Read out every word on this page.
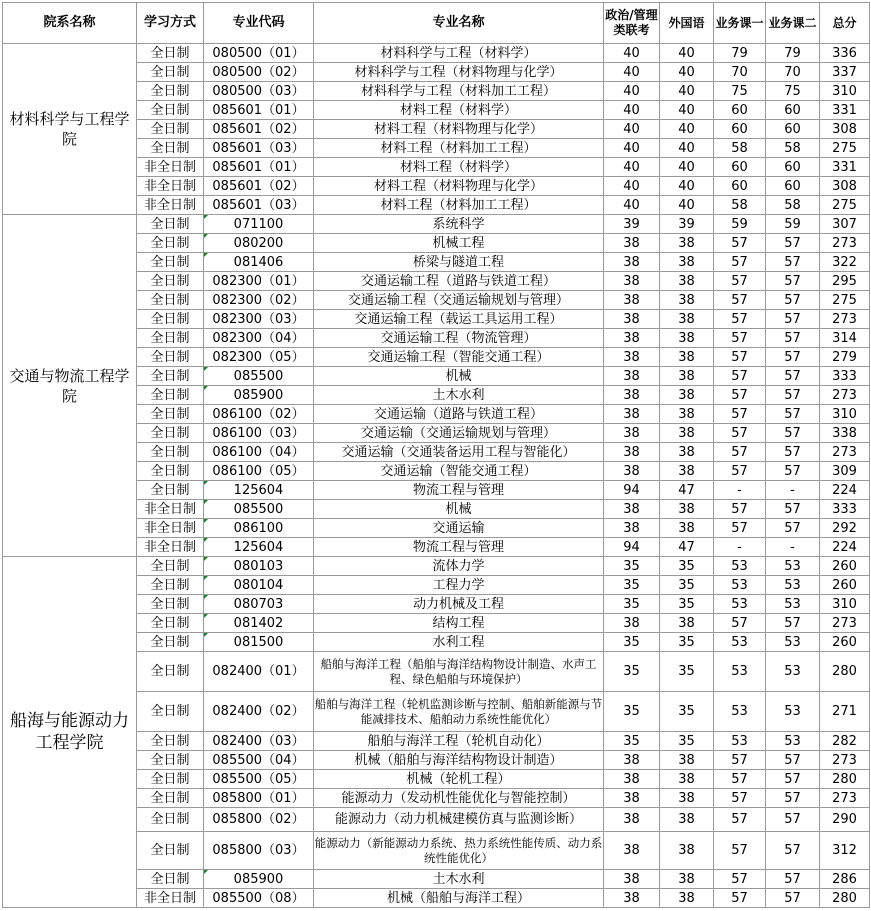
院系名称	学习方式	专业代码	专业名称	政治/管理类联考	外国语	业务课一	业务课二	总分
材料科学与工程学院	全日制	080500（01）	材料科学与工程（材料学）	40	40	79	79	336
	全日制	080500（02）	材料科学与工程（材料物理与化学）	40	40	70	70	337
	全日制	080500（03）	材料科学与工程（材料加工工程）	40	40	75	75	310
	全日制	085601（01）	材料工程（材料学）	40	40	60	60	331
	全日制	085601（02）	材料工程（材料物理与化学）	40	40	60	60	308
	全日制	085601（03）	材料工程（材料加工工程）	40	40	58	58	275
	非全日制	085601（01）	材料工程（材料学）	40	40	60	60	331
	非全日制	085601（02）	材料工程（材料物理与化学）	40	40	60	60	308
	非全日制	085601（03）	材料工程（材料加工工程）	40	40	58	58	275
交通与物流工程学院	全日制	071100	系统科学	39	39	59	59	307
	全日制	080200	机械工程	38	38	57	57	273
	全日制	081406	桥梁与隧道工程	38	38	57	57	322
	全日制	082300（01）	交通运输工程（道路与铁道工程）	38	38	57	57	295
	全日制	082300（02）	交通运输工程（交通运输规划与管理）	38	38	57	57	275
	全日制	082300（03）	交通运输工程（载运工具运用工程）	38	38	57	57	273
	全日制	082300（04）	交通运输工程（物流管理）	38	38	57	57	314
	全日制	082300（05）	交通运输工程（智能交通工程）	38	38	57	57	279
	全日制	085500	机械	38	38	57	57	333
	全日制	085900	土木水利	38	38	57	57	273
	全日制	086100（02）	交通运输（道路与铁道工程）	38	38	57	57	310
	全日制	086100（03）	交通运输（交通运输规划与管理）	38	38	57	57	338
	全日制	086100（04）	交通运输（交通装备运用工程与智能化）	38	38	57	57	273
	全日制	086100（05）	交通运输（智能交通工程）	38	38	57	57	309
	全日制	125604	物流工程与管理	94	47	-	-	224
	非全日制	085500	机械	38	38	57	57	333
	非全日制	086100	交通运输	38	38	57	57	292
	非全日制	125604	物流工程与管理	94	47	-	-	224
船海与能源动力工程学院	全日制	080103	流体力学	35	35	53	53	260
	全日制	080104	工程力学	35	35	53	53	260
	全日制	080703	动力机械及工程	35	35	53	53	310
	全日制	081402	结构工程	38	38	57	57	273
	全日制	081500	水利工程	35	35	53	53	260
	全日制	082400（01）	船舶与海洋工程（船舶与海洋结构物设计制造、水声工程、绿色船舶与环境保护）	35	35	53	53	280
	全日制	082400（02）	船舶与海洋工程（轮机监测诊断与控制、船舶新能源与节能减排技术、船舶动力系统性能优化）	35	35	53	53	271
	全日制	082400（03）	船舶与海洋工程（轮机自动化）	35	35	53	53	282
	全日制	085500（04）	机械（船舶与海洋结构物设计制造）	38	38	57	57	273
	全日制	085500（05）	机械（轮机工程）	38	38	57	57	280
	全日制	085800（01）	能源动力（发动机性能优化与智能控制）	38	38	57	57	273
	全日制	085800（02）	能源动力（动力机械建模仿真与监测诊断）	38	38	57	57	290
	全日制	085800（03）	能源动力（新能源动力系统、热力系统性能传质、动力系统性能优化）	38	38	57	57	312
	全日制	085900	土木水利	38	38	57	57	286
	非全日制	085500（08）	机械（船舶与海洋工程）	38	38	57	57	280
